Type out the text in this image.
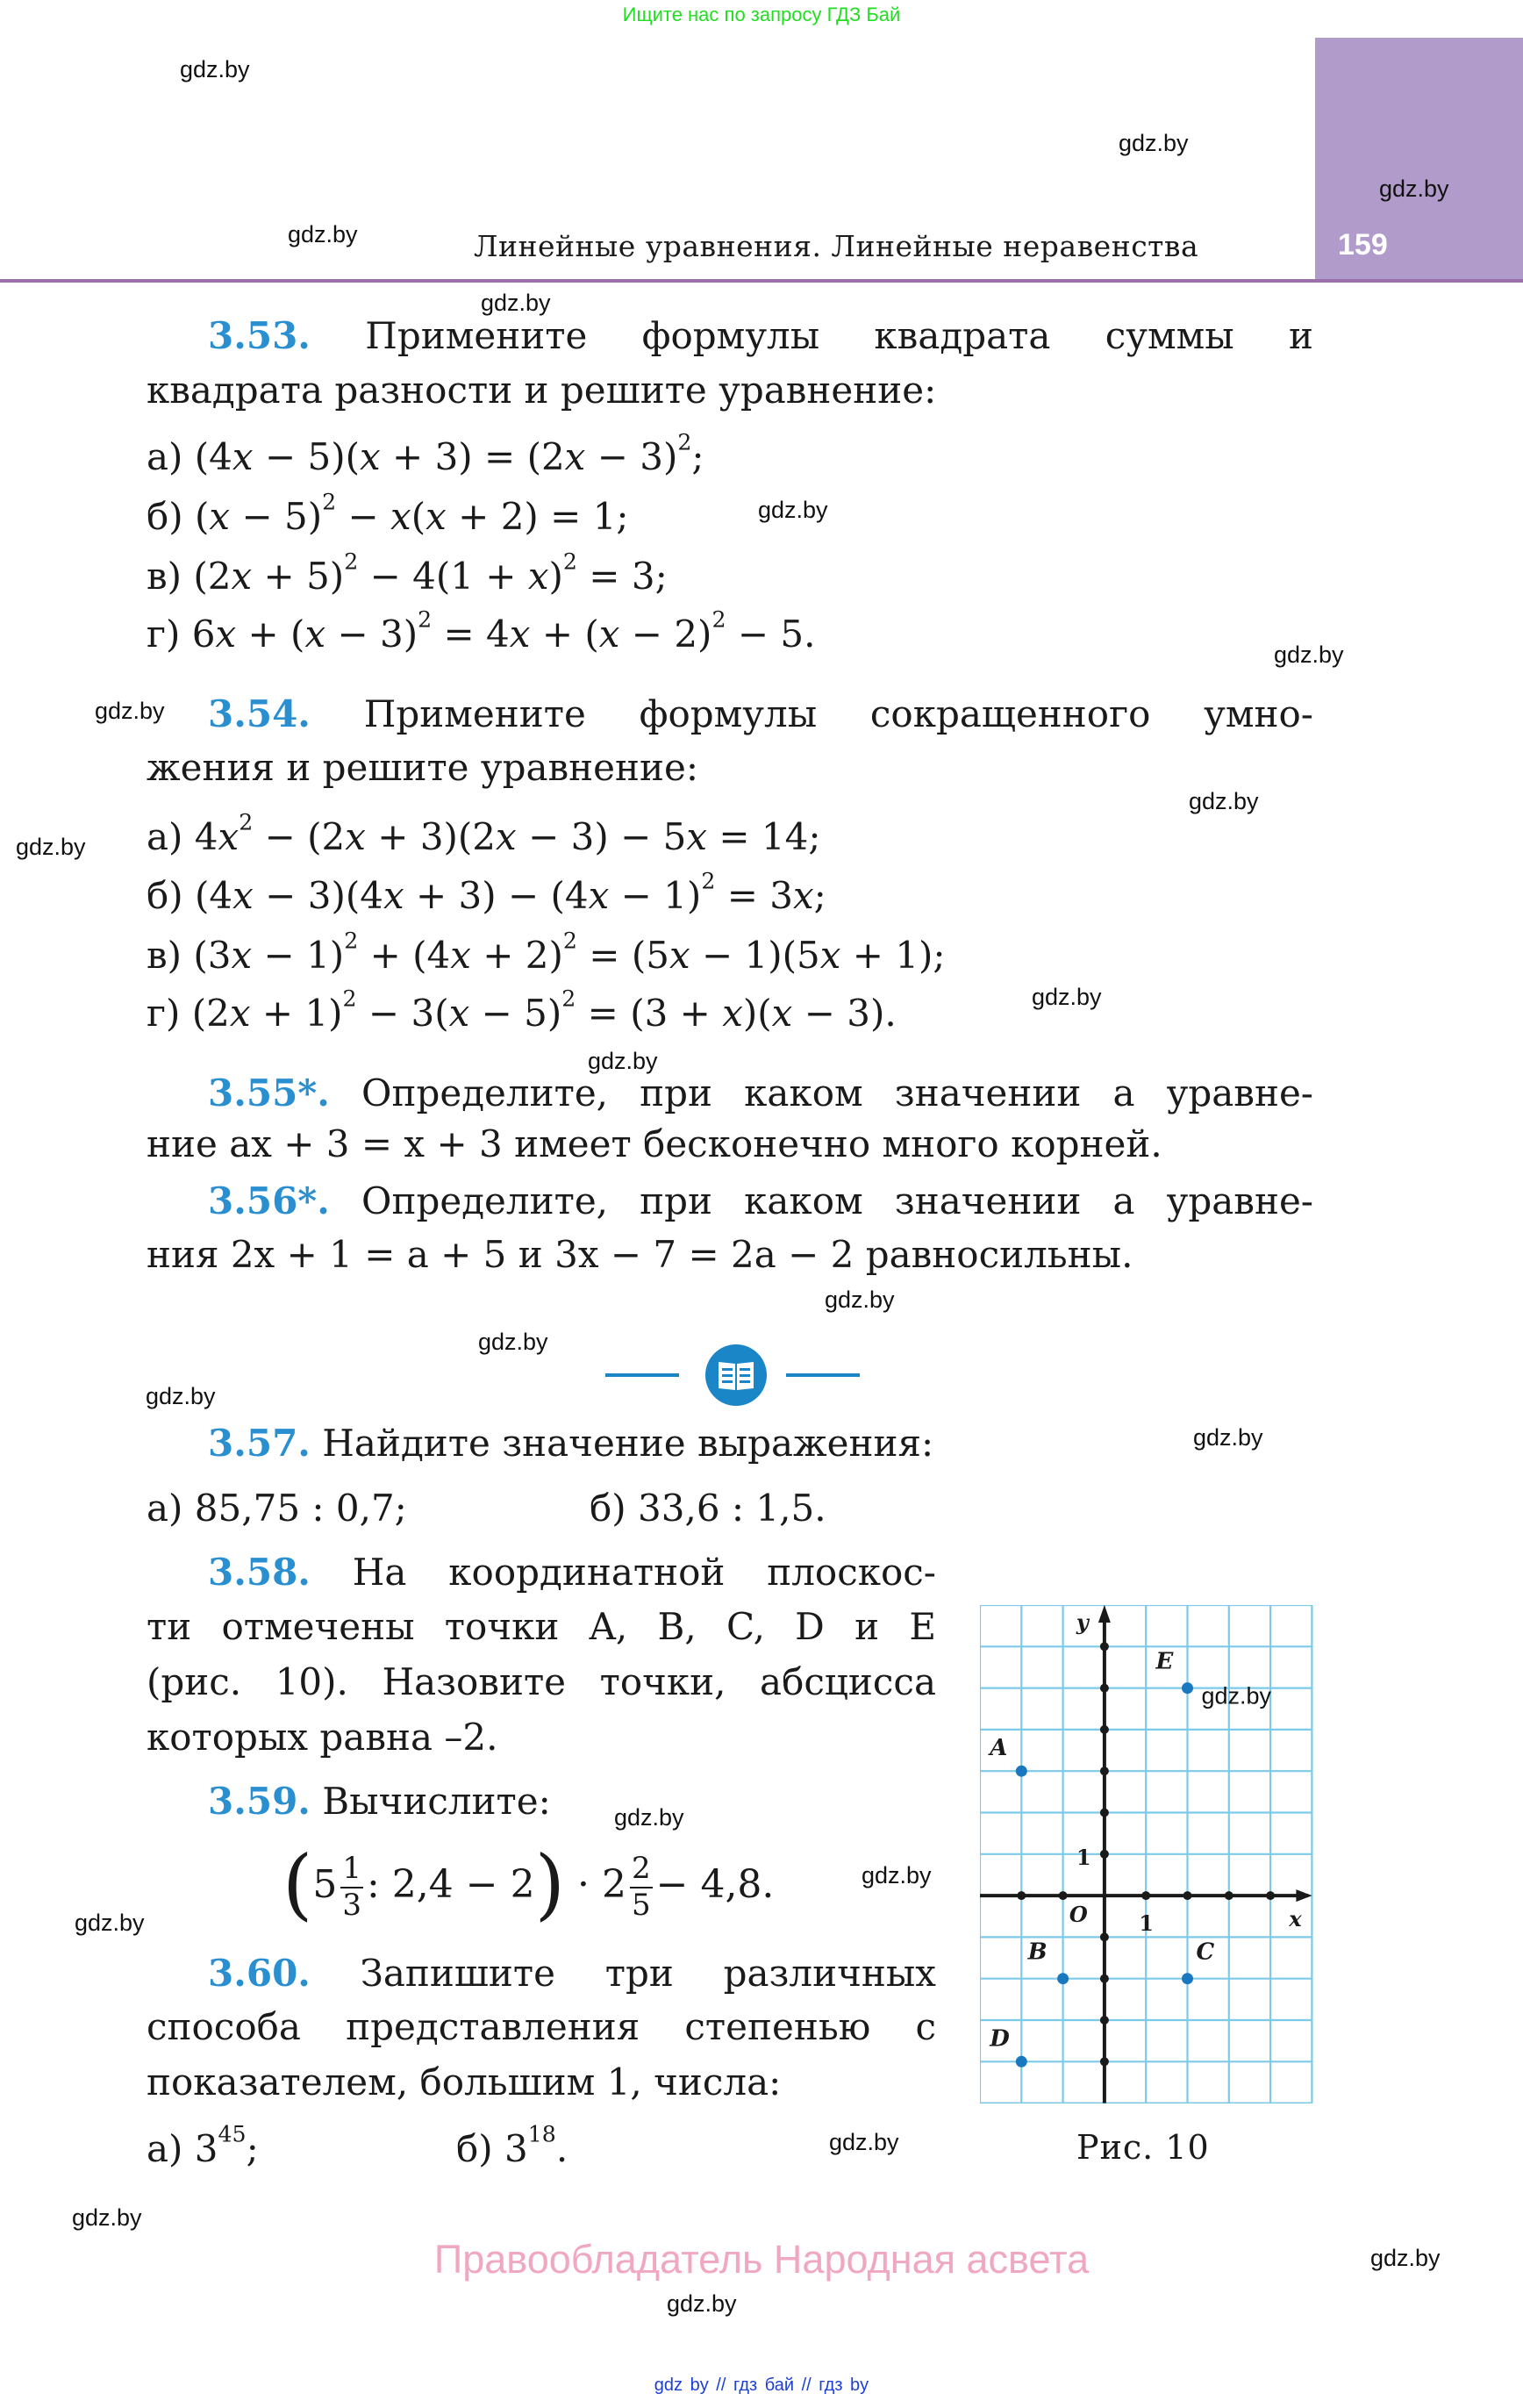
Ищите нас по запросу ГДЗ Бай
159
Линейные уравнения. Линейные неравенства
gdz.by
gdz.by
gdz.by
gdz.by
gdz.by
gdz.by
gdz.by
gdz.by
gdz.by
gdz.by
gdz.by
gdz.by
gdz.by
gdz.by
gdz.by
gdz.by
gdz.by
gdz.by
gdz.by
gdz.by
gdz.by
gdz.by
gdz.by
3.53. Примените формулы квадрата суммы и
квадрата разности и решите уравнение:
а) $(4x - 5)(x + 3) = (2x - 3)^2$;
б) $(x - 5)^2 - x(x + 2) = 1$;
в) $(2x + 5)^2 - 4(1 + x)^2 = 3$;
г) $6x + (x - 3)^2 = 4x + (x - 2)^2 - 5$.
3.54. Примените формулы сокращенного умно-
жения и решите уравнение:
а) $4x^2 - (2x + 3)(2x - 3) - 5x = 14$;
б) $(4x - 3)(4x + 3) - (4x - 1)^2 = 3x$;
в) $(3x - 1)^2 + (4x + 2)^2 = (5x - 1)(5x + 1)$;
г) $(2x + 1)^2 - 3(x - 5)^2 = (3 + x)(x - 3)$.
3.55*. Определите, при каком значении a уравне-
ние ax + 3 = x + 3 имеет бесконечно много корней.
3.56*. Определите, при каком значении a уравне-
ния 2x + 1 = a + 5 и 3x − 7 = 2a − 2 равносильны.
3.57. Найдите значение выражения:
а) 85,75 : 0,7;	б) 33,6 : 1,5.
3.58. На координатной плоскос-
ти отмечены точки A, B, C, D и E
(рис. 10). Назовите точки, абсцисса
которых равна –2.
3.59. Вычислите:
($5 \frac{1}{3}$ : $2,4 - 2) \cdot 2 \frac{2}{5} - 4,8$.
3.60. Запишите три различных
способа представления степенью с
показателем, большим 1, числа:
а) $3^{45}$;	б) $3^{18}$.
y
x
O 1
1
A
B	C
D
E
gdz.by
Рис. 10
Правообладатель Народная асвета
gdz by // гдз бай // гдз by
